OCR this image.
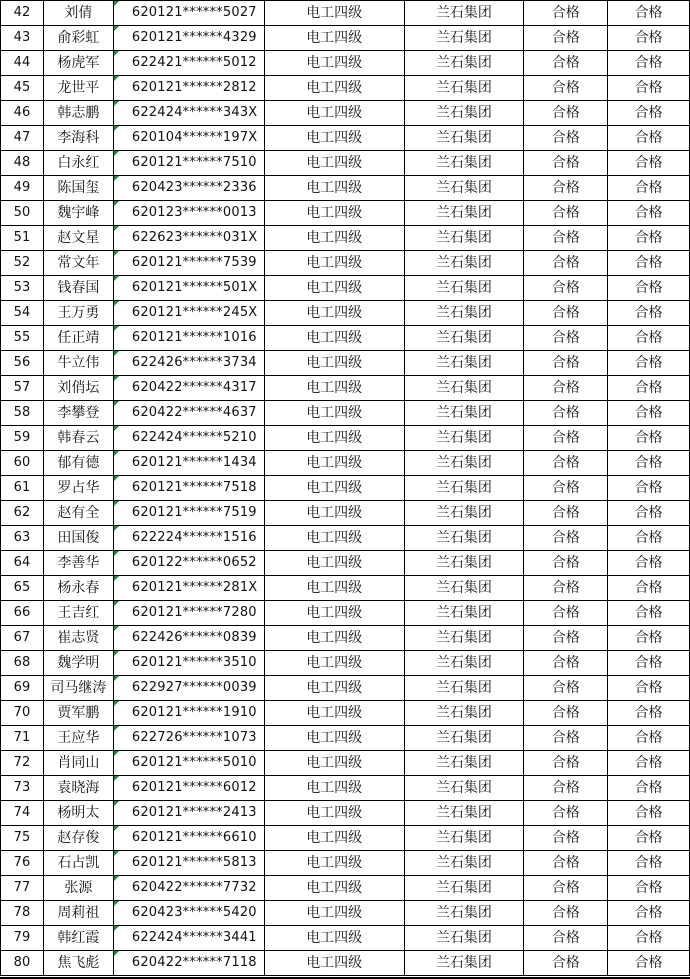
42	刘倩	620121******5027	电工四级	兰石集团	合格	合格
43	俞彩虹	620121******4329	电工四级	兰石集团	合格	合格
44	杨虎军	622421******5012	电工四级	兰石集团	合格	合格
45	龙世平	620121******2812	电工四级	兰石集团	合格	合格
46	韩志鹏	622424******343X	电工四级	兰石集团	合格	合格
47	李海科	620104******197X	电工四级	兰石集团	合格	合格
48	白永红	620121******7510	电工四级	兰石集团	合格	合格
49	陈国玺	620423******2336	电工四级	兰石集团	合格	合格
50	魏宇峰	620123******0013	电工四级	兰石集团	合格	合格
51	赵文星	622623******031X	电工四级	兰石集团	合格	合格
52	常文年	620121******7539	电工四级	兰石集团	合格	合格
53	钱春国	620121******501X	电工四级	兰石集团	合格	合格
54	王万勇	620121******245X	电工四级	兰石集团	合格	合格
55	任正靖	620121******1016	电工四级	兰石集团	合格	合格
56	牛立伟	622426******3734	电工四级	兰石集团	合格	合格
57	刘俏坛	620422******4317	电工四级	兰石集团	合格	合格
58	李攀登	620422******4637	电工四级	兰石集团	合格	合格
59	韩春云	622424******5210	电工四级	兰石集团	合格	合格
60	郁有德	620121******1434	电工四级	兰石集团	合格	合格
61	罗占华	620121******7518	电工四级	兰石集团	合格	合格
62	赵有全	620121******7519	电工四级	兰石集团	合格	合格
63	田国俊	622224******1516	电工四级	兰石集团	合格	合格
64	李善华	620122******0652	电工四级	兰石集团	合格	合格
65	杨永春	620121******281X	电工四级	兰石集团	合格	合格
66	王吉红	620121******7280	电工四级	兰石集团	合格	合格
67	崔志贤	622426******0839	电工四级	兰石集团	合格	合格
68	魏学明	620121******3510	电工四级	兰石集团	合格	合格
69	司马继涛	622927******0039	电工四级	兰石集团	合格	合格
70	贾军鹏	620121******1910	电工四级	兰石集团	合格	合格
71	王应华	622726******1073	电工四级	兰石集团	合格	合格
72	肖同山	620121******5010	电工四级	兰石集团	合格	合格
73	袁晓海	620121******6012	电工四级	兰石集团	合格	合格
74	杨明太	620121******2413	电工四级	兰石集团	合格	合格
75	赵存俊	620121******6610	电工四级	兰石集团	合格	合格
76	石占凯	620121******5813	电工四级	兰石集团	合格	合格
77	张源	620422******7732	电工四级	兰石集团	合格	合格
78	周莉祖	620423******5420	电工四级	兰石集团	合格	合格
79	韩红霞	622424******3441	电工四级	兰石集团	合格	合格
80	焦飞彪	620422******7118	电工四级	兰石集团	合格	合格
